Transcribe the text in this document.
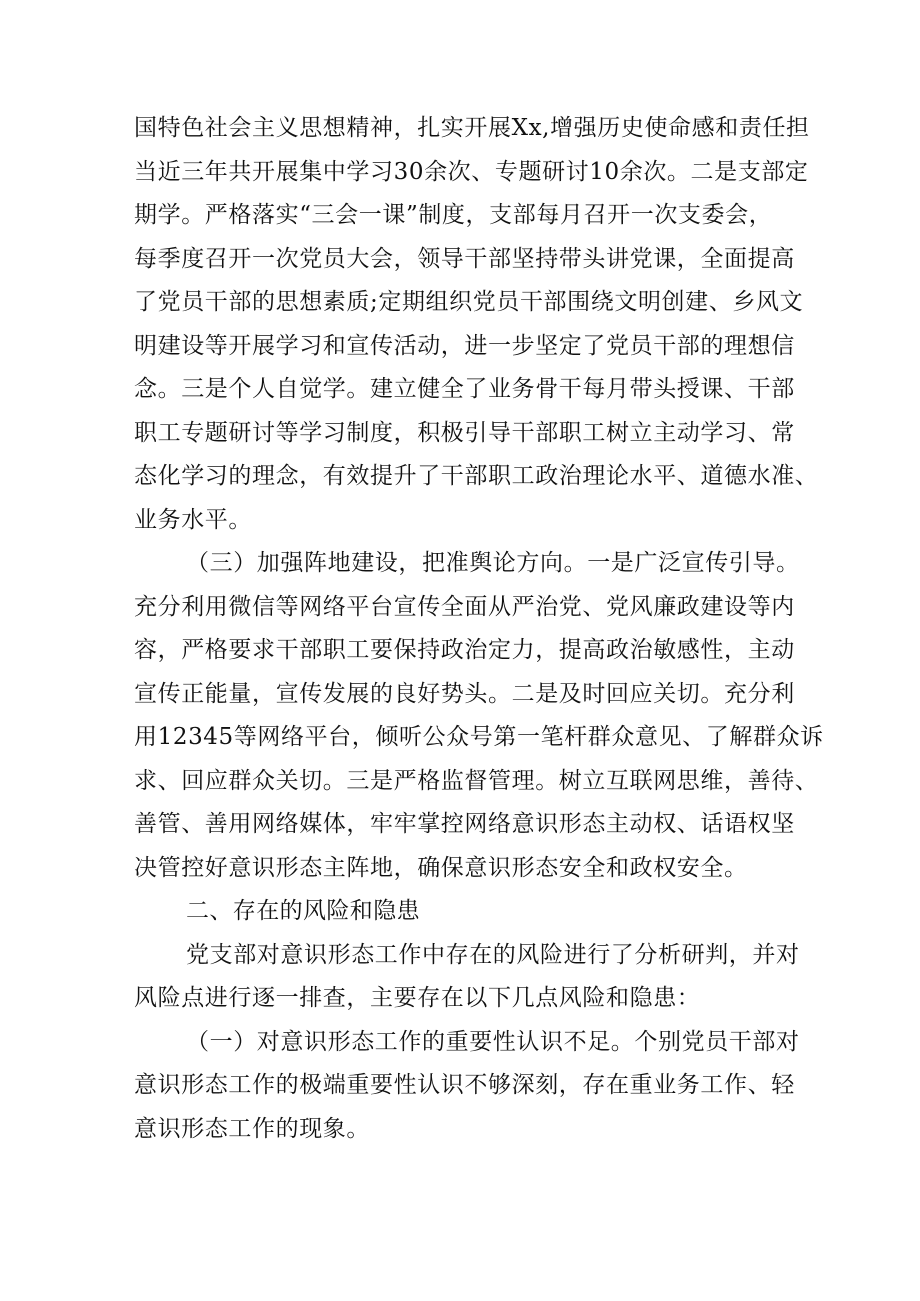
国特色社会主义思想精神，扎实开展Xx,增强历史使命感和责任担
当近三年共开展集中学习30余次、专题研讨10余次。二是支部定
期学。严格落实“三会一课”制度，支部每月召开一次支委会，
每季度召开一次党员大会，领导干部坚持带头讲党课，全面提高
了党员干部的思想素质;定期组织党员干部围绕文明创建、乡风文
明建设等开展学习和宣传活动，进一步坚定了党员干部的理想信
念。三是个人自觉学。建立健全了业务骨干每月带头授课、干部
职工专题研讨等学习制度，积极引导干部职工树立主动学习、常
态化学习的理念，有效提升了干部职工政治理论水平、道德水准、
业务水平。
（三）加强阵地建设，把准舆论方向。一是广泛宣传引导。
充分利用微信等网络平台宣传全面从严治党、党风廉政建设等内
容，严格要求干部职工要保持政治定力，提高政治敏感性，主动
宣传正能量，宣传发展的良好势头。二是及时回应关切。充分利
用12345等网络平台，倾听公众号第一笔杆群众意见、了解群众诉
求、回应群众关切。三是严格监督管理。树立互联网思维，善待、
善管、善用网络媒体，牢牢掌控网络意识形态主动权、话语权坚
决管控好意识形态主阵地，确保意识形态安全和政权安全。
二、存在的风险和隐患
党支部对意识形态工作中存在的风险进行了分析研判，并对
风险点进行逐一排查，主要存在以下几点风险和隐患：
（一）对意识形态工作的重要性认识不足。个别党员干部对
意识形态工作的极端重要性认识不够深刻，存在重业务工作、轻
意识形态工作的现象。
